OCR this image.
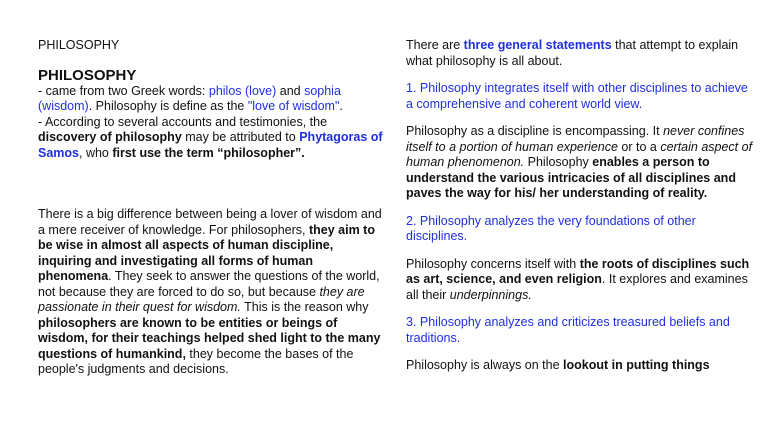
PHILOSOPHY

PHILOSOPHY

- came from two Greek words: philos (love) and sophia (wisdom). Philosophy is define as the "love of wisdom".

- According to several accounts and testimonies, the discovery of philosophy may be attributed to Phytagoras of Samos, who first use the term “philosopher”.

There is a big difference between being a lover of wisdom and a mere receiver of knowledge. For philosophers, they aim to be wise in almost all aspects of human discipline, inquiring and investigating all forms of human phenomena. They seek to answer the questions of the world, not because they are forced to do so, but because they are passionate in their quest for wisdom. This is the reason why philosophers are known to be entities or beings of wisdom, for their teachings helped shed light to the many questions of humankind, they become the bases of the people's judgments and decisions.

There are three general statements that attempt to explain what philosophy is all about.

1. Philosophy integrates itself with other disciplines to achieve a comprehensive and coherent world view.

Philosophy as a discipline is encompassing. It never confines itself to a portion of human experience or to a certain aspect of human phenomenon. Philosophy enables a person to understand the various intricacies of all disciplines and paves the way for his/ her understanding of reality.

2. Philosophy analyzes the very foundations of other disciplines.

Philosophy concerns itself with the roots of disciplines such as art, science, and even religion. It explores and examines all their underpinnings.

3. Philosophy analyzes and criticizes treasured beliefs and traditions.

Philosophy is always on the lookout in putting things
